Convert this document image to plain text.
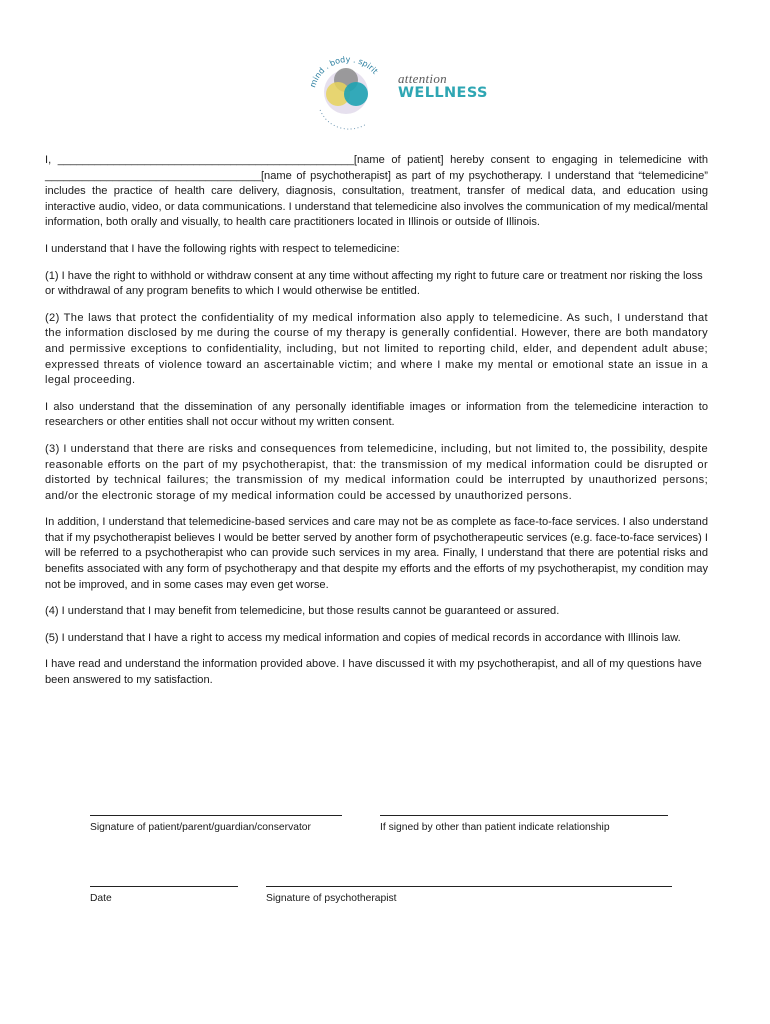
mind . body . spirit
• • • • • • • • • • • • • • • •
attention
WELLNESS

I, ________________________________________________[name of patient] hereby consent to engaging in telemedicine with ___________________________________[name of psychotherapist] as part of my psychotherapy. I understand that “telemedicine” includes the practice of health care delivery, diagnosis, consultation, treatment, transfer of medical data, and education using interactive audio, video, or data communications. I understand that telemedicine also involves the communication of my medical/mental information, both orally and visually, to health care practitioners located in Illinois or outside of Illinois.

I understand that I have the following rights with respect to telemedicine:

(1) I have the right to withhold or withdraw consent at any time without affecting my right to future care or treatment nor risking the loss or withdrawal of any program benefits to which I would otherwise be entitled.

(2) The laws that protect the confidentiality of my medical information also apply to telemedicine. As such, I understand that the information disclosed by me during the course of my therapy is generally confidential. However, there are both mandatory and permissive exceptions to confidentiality, including, but not limited to reporting child, elder, and dependent adult abuse; expressed threats of violence toward an ascertainable victim; and where I make my mental or emotional state an issue in a legal proceeding.

I also understand that the dissemination of any personally identifiable images or information from the telemedicine interaction to researchers or other entities shall not occur without my written consent.

(3) I understand that there are risks and consequences from telemedicine, including, but not limited to, the possibility, despite reasonable efforts on the part of my psychotherapist, that: the transmission of my medical information could be disrupted or distorted by technical failures; the transmission of my medical information could be interrupted by unauthorized persons; and/or the electronic storage of my medical information could be accessed by unauthorized persons.

In addition, I understand that telemedicine-based services and care may not be as complete as face-to-face services. I also understand that if my psychotherapist believes I would be better served by another form of psychotherapeutic services (e.g. face-to-face services) I will be referred to a psychotherapist who can provide such services in my area. Finally, I understand that there are potential risks and benefits associated with any form of psychotherapy and that despite my efforts and the efforts of my psychotherapist, my condition may not be improved, and in some cases may even get worse.

(4) I understand that I may benefit from telemedicine, but those results cannot be guaranteed or assured.

(5) I understand that I have a right to access my medical information and copies of medical records in accordance with Illinois law.

I have read and understand the information provided above. I have discussed it with my psychotherapist, and all of my questions have been answered to my satisfaction.

Signature of patient/parent/guardian/conservator	If signed by other than patient indicate relationship
Date	Signature of psychotherapist
